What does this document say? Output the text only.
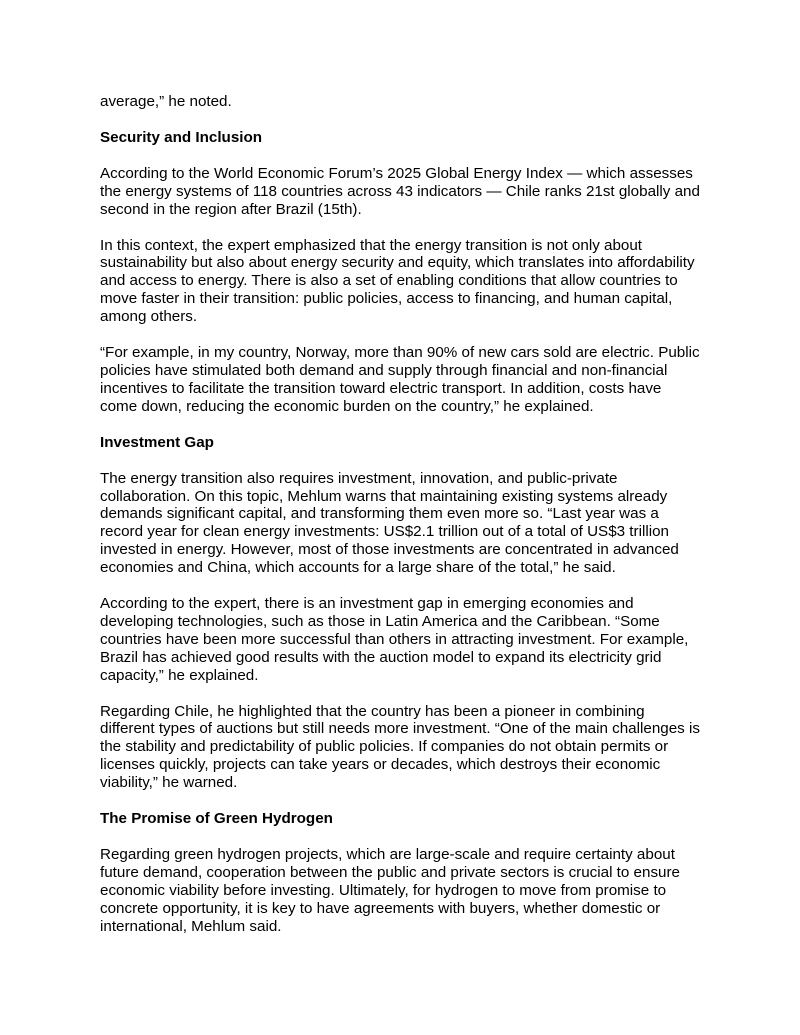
average,” he noted.

Security and Inclusion

According to the World Economic Forum’s 2025 Global Energy Index — which assesses the energy systems of 118 countries across 43 indicators — Chile ranks 21st globally and second in the region after Brazil (15th).

In this context, the expert emphasized that the energy transition is not only about sustainability but also about energy security and equity, which translates into affordability and access to energy. There is also a set of enabling conditions that allow countries to move faster in their transition: public policies, access to financing, and human capital, among others.

“For example, in my country, Norway, more than 90% of new cars sold are electric. Public policies have stimulated both demand and supply through financial and non-financial incentives to facilitate the transition toward electric transport. In addition, costs have come down, reducing the economic burden on the country,” he explained.

Investment Gap

The energy transition also requires investment, innovation, and public-private collaboration. On this topic, Mehlum warns that maintaining existing systems already demands significant capital, and transforming them even more so. “Last year was a record year for clean energy investments: US$2.1 trillion out of a total of US$3 trillion invested in energy. However, most of those investments are concentrated in advanced economies and China, which accounts for a large share of the total,” he said.

According to the expert, there is an investment gap in emerging economies and developing technologies, such as those in Latin America and the Caribbean. “Some countries have been more successful than others in attracting investment. For example, Brazil has achieved good results with the auction model to expand its electricity grid capacity,” he explained.

Regarding Chile, he highlighted that the country has been a pioneer in combining different types of auctions but still needs more investment. “One of the main challenges is the stability and predictability of public policies. If companies do not obtain permits or licenses quickly, projects can take years or decades, which destroys their economic viability,” he warned.

The Promise of Green Hydrogen

Regarding green hydrogen projects, which are large-scale and require certainty about future demand, cooperation between the public and private sectors is crucial to ensure economic viability before investing. Ultimately, for hydrogen to move from promise to concrete opportunity, it is key to have agreements with buyers, whether domestic or international, Mehlum said.
